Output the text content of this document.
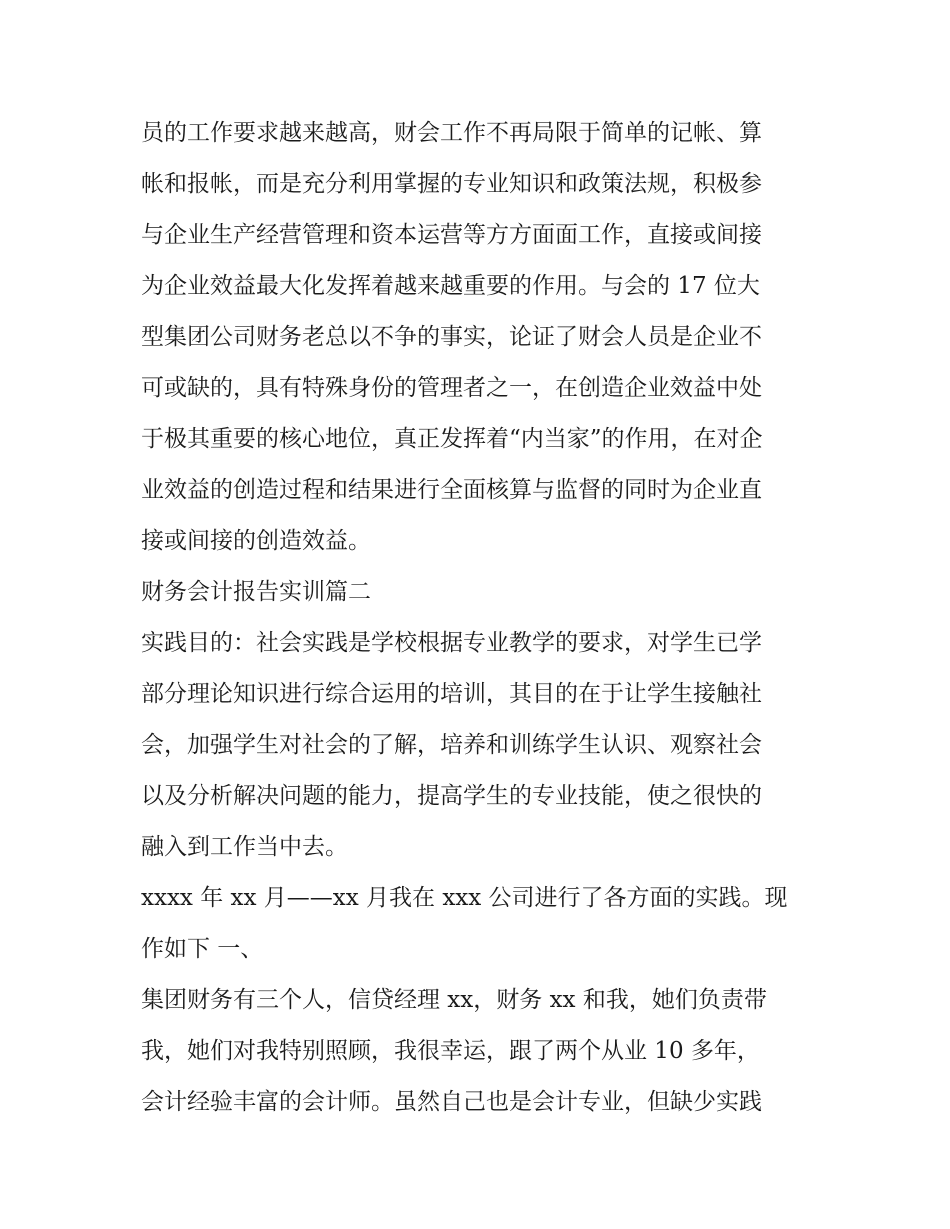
员的工作要求越来越高，财会工作不再局限于简单的记帐、算
帐和报帐，而是充分利用掌握的专业知识和政策法规，积极参
与企业生产经营管理和资本运营等方方面面工作，直接或间接
为企业效益最大化发挥着越来越重要的作用。与会的 17 位大
型集团公司财务老总以不争的事实，论证了财会人员是企业不
可或缺的，具有特殊身份的管理者之一，在创造企业效益中处
于极其重要的核心地位，真正发挥着“内当家”的作用，在对企
业效益的创造过程和结果进行全面核算与监督的同时为企业直
接或间接的创造效益。
财务会计报告实训篇二
实践目的：社会实践是学校根据专业教学的要求，对学生已学
部分理论知识进行综合运用的培训，其目的在于让学生接触社
会，加强学生对社会的了解，培养和训练学生认识、观察社会
以及分析解决问题的能力，提高学生的专业技能，使之很快的
融入到工作当中去。
xxxx 年 xx 月——xx 月我在 xxx 公司进行了各方面的实践。现
作如下 一、
集团财务有三个人，信贷经理 xx，财务 xx 和我，她们负责带
我，她们对我特别照顾，我很幸运，跟了两个从业 10 多年，
会计经验丰富的会计师。虽然自己也是会计专业，但缺少实践
